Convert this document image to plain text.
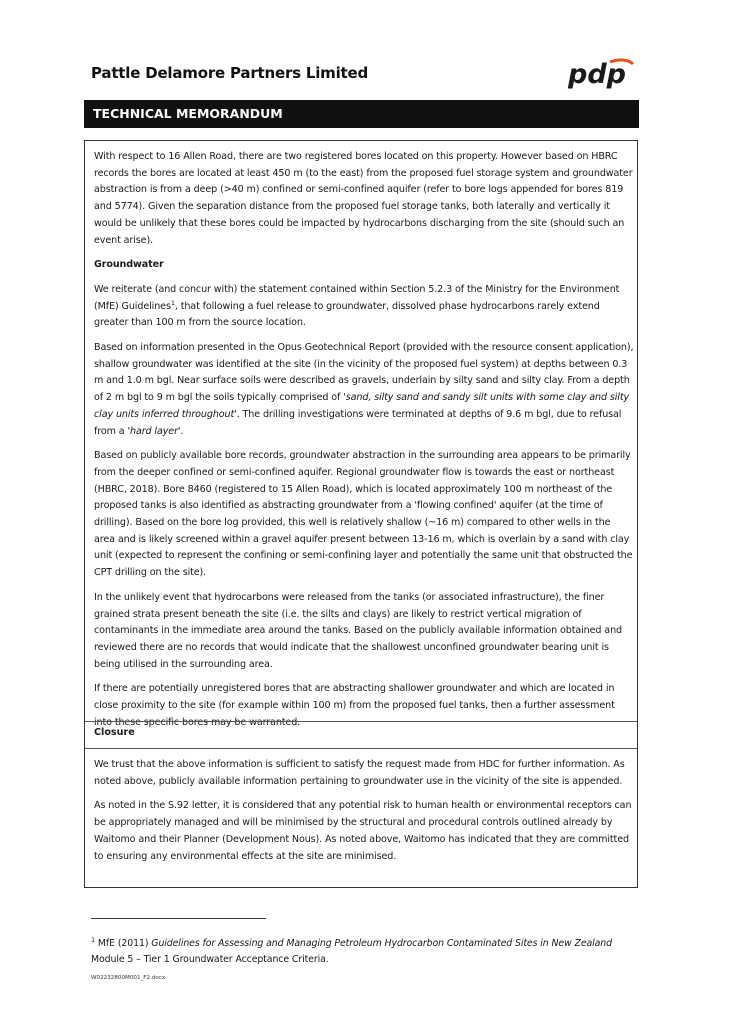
Pattle Delamore Partners Limited	pdp
TECHNICAL MEMORANDUM

With respect to 16 Allen Road, there are two registered bores located on this property. However based on HBRC records the bores are located at least 450 m (to the east) from the proposed fuel storage system and groundwater abstraction is from a deep (>40 m) confined or semi-confined aquifer (refer to bore logs appended for bores 819 and 5774). Given the separation distance from the proposed fuel storage tanks, both laterally and vertically it would be unlikely that these bores could be impacted by hydrocarbons discharging from the site (should such an event arise).

Groundwater

We reiterate (and concur with) the statement contained within Section 5.2.3 of the Ministry for the Environment (MfE) Guidelines$^1$, that following a fuel release to groundwater, dissolved phase hydrocarbons rarely extend greater than 100 m from the source location.

Based on information presented in the Opus Geotechnical Report (provided with the resource consent application), shallow groundwater was identified at the site (in the vicinity of the proposed fuel system) at depths between 0.3 m and 1.0 m bgl. Near surface soils were described as gravels, underlain by silty sand and silty clay. From a depth of 2 m bgl to 9 m bgl the soils typically comprised of 'sand, silty sand and sandy silt units with some clay and silty clay units inferred throughout'. The drilling investigations were terminated at depths of 9.6 m bgl, due to refusal from a 'hard layer'.

Based on publicly available bore records, groundwater abstraction in the surrounding area appears to be primarily from the deeper confined or semi-confined aquifer. Regional groundwater flow is towards the east or northeast (HBRC, 2018). Bore 8460 (registered to 15 Allen Road), which is located approximately 100 m northeast of the proposed tanks is also identified as abstracting groundwater from a 'flowing confined' aquifer (at the time of drilling). Based on the bore log provided, this well is relatively shallow (~16 m) compared to other wells in the area and is likely screened within a gravel aquifer present between 13-16 m, which is overlain by a sand with clay unit (expected to represent the confining or semi-confining layer and potentially the same unit that obstructed the CPT drilling on the site).

In the unlikely event that hydrocarbons were released from the tanks (or associated infrastructure), the finer grained strata present beneath the site (i.e. the silts and clays) are likely to restrict vertical migration of contaminants in the immediate area around the tanks. Based on the publicly available information obtained and reviewed there are no records that would indicate that the shallowest unconfined groundwater bearing unit is being utilised in the surrounding area.

If there are potentially unregistered bores that are abstracting shallower groundwater and which are located in close proximity to the site (for example within 100 m) from the proposed fuel tanks, then a further assessment into these specific bores may be warranted.

Closure

We trust that the above information is sufficient to satisfy the request made from HDC for further information. As noted above, publicly available information pertaining to groundwater use in the vicinity of the site is appended.

As noted in the S.92 letter, it is considered that any potential risk to human health or environmental receptors can be appropriately managed and will be minimised by the structural and procedural controls outlined already by Waitomo and their Planner (Development Nous). As noted above, Waitomo has indicated that they are committed to ensuring any environmental effects at the site are minimised.

$^1$ MfE (2011) Guidelines for Assessing and Managing Petroleum Hydrocarbon Contaminated Sites in New Zealand Module 5 – Tier 1 Groundwater Acceptance Criteria.
W02232800M001_F2.docx
